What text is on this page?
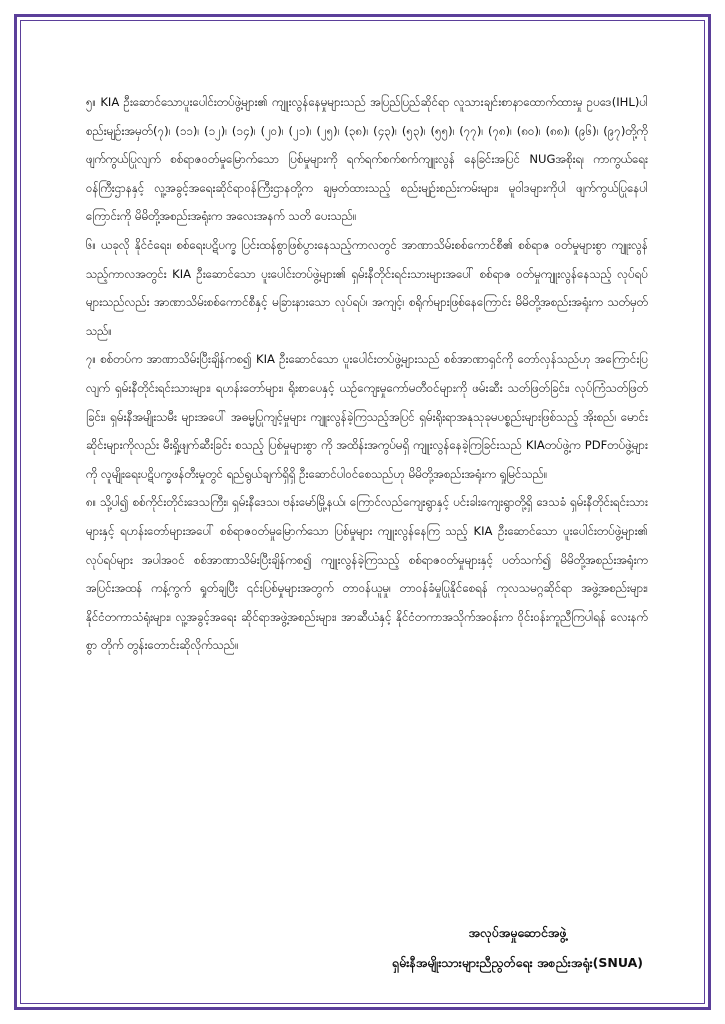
၅။ KIA ဦးဆောင်သောပူးပေါင်းတပ်ဖွဲ့များ၏ ကျူးလွန်နေမှုများသည် အပြည်ပြည်ဆိုင်ရာ လူသားချင်းစာနာထောက်ထားမှု ဥပဒေ(IHL)ပါ စည်းမျဉ်းအမှတ်(၇)၊ (၁၁)၊ (၁၂)၊ (၁၄)၊ (၂၀)၊ (၂၁)၊ (၂၅)၊ (၃၈)၊ (၄၃)၊ (၅၃)၊ (၅၅)၊ (၇၇)၊ (၇၈)၊ (၈၀)၊ (၈၈)၊ (၉၆)၊ (၉၇)တို့ကို ဖျက်ကွယ်ပြုလျက် စစ်ရာဇဝတ်မှုမြောက်သော ပြစ်မှုများကို ရက်ရက်စက်စက်ကျူးလွန် နေခြင်းအပြင် NUGအစိုးရ၊ ကာကွယ်ရေးဝန်ကြီးဌာနနှင့် လူ့အခွင့်အရေးဆိုင်ရာဝန်ကြီးဌာနတို့က ချမှတ်ထားသည့် စည်းမျဉ်းစည်းကမ်းများ၊ မူဝါဒများကိုပါ ဖျက်ကွယ်ပြုနေပါကြောင်းကို မိမိတို့အစည်းအရုံးက အလေးအနက် သတိ ပေးသည်။

၆။ ယခုလို နိုင်ငံရေး၊ စစ်ရေးပဋိပက္ခ ပြင်းထန်စွာဖြစ်ပွားနေသည့်ကာလတွင် အာဏာသိမ်းစစ်ကောင်စီ၏ စစ်ရာဇ ဝတ်မှုများစွာ ကျူးလွန်သည့်ကာလအတွင်း KIA ဦးဆောင်သော ပူးပေါင်းတပ်ဖွဲ့များ၏ ရှမ်းနီတိုင်းရင်းသားများအပေါ် စစ်ရာဇ ဝတ်မှုကျူးလွန်နေသည့် လုပ်ရပ်များသည်လည်း အာဏာသိမ်းစစ်ကောင်စီနှင့် မခြားနားသော လုပ်ရပ်၊ အကျင့်၊ စရိုက်များဖြစ်နေကြောင်း မိမိတို့အစည်းအရုံးက သတ်မှတ်သည်။

၇။ စစ်တပ်က အာဏာသိမ်းပြီးချိန်ကစ၍ KIA ဦးဆောင်သော ပူးပေါင်းတပ်ဖွဲ့များသည် စစ်အာဏာရှင်ကို တော်လှန်သည်ဟု အကြောင်းပြလျက် ရှမ်းနီတိုင်းရင်းသားများ၊ ရဟန်းတော်များ၊ ရိုးစာပေနှင့် ယဉ်ကျေးမှုကော်မတီဝင်များကို ဖမ်းဆီး သတ်ဖြတ်ခြင်း၊ လုပ်ကြံသတ်ဖြတ်ခြင်း၊ ရှမ်းနီအမျိုးသမီး များအပေါ် အဓမ္မပြုကျင့်မှုများ ကျူးလွန်ခဲ့ကြသည့်အပြင် ရှမ်းရိုးရာအနုသုခုမပစ္စည်းများဖြစ်သည့် အိုးစည်၊ မောင်းဆိုင်းများကိုလည်း မီးရှို့ဖျက်ဆီးခြင်း စသည့် ပြစ်မှုများစွာ ကို အထိန်းအကွပ်မရှိ ကျူးလွန်နေခဲ့ကြခြင်းသည် KIAတပ်ဖွဲ့က PDFတပ်ဖွဲ့များကို လူမျိုးရေးပဋိပက္ခဖန်တီးမှုတွင် ရည်ရွယ်ချက်ရှိရှိ ဦးဆောင်ပါဝင်စေသည်ဟု မိမိတို့အစည်းအရုံးက ရှုမြင်သည်။

၈။ သို့ပါ၍ စစ်ကိုင်းတိုင်းဒေသကြီး၊ ရှမ်းနီဒေသ၊ ဗန်းမော်မြို့နယ်၊ ကြောင်လည်ကျေးရွာနှင့် ပင်းခါးကျေးရွာတို့ရှိ ဒေသခံ ရှမ်းနီတိုင်းရင်းသားများနှင့် ရဟန်းတော်များအပေါ် စစ်ရာဇဝတ်မှုမြောက်သော ပြစ်မှုများ ကျူးလွန်နေကြ သည့် KIA ဦးဆောင်သော ပူးပေါင်းတပ်ဖွဲ့များ၏ လုပ်ရပ်များ အပါအဝင် စစ်အာဏာသိမ်းပြီးချိန်ကစ၍ ကျူးလွန်ခဲ့ကြသည့် စစ်ရာဇဝတ်မှုများနှင့် ပတ်သက်၍ မိမိတို့အစည်းအရုံးက အပြင်းအထန် ကန့်ကွက် ရှုတ်ချပြီး ၎င်းပြစ်မှုများအတွက် တာဝန်ယူမှု၊ တာဝန်ခံမှုပြုနိုင်စေရန် ကုလသမဂ္ဂဆိုင်ရာ အဖွဲ့အစည်းများ၊ နိုင်ငံတကာသံရုံးများ၊ လူ့အခွင့်အရေး ဆိုင်ရာအဖွဲ့အစည်းများ၊ အာဆီယံနှင့် နိုင်ငံတကာအသိုက်အဝန်းက ဝိုင်းဝန်းကူညီကြပါရန် လေးနက်စွာ တိုက် တွန်းတောင်းဆိုလိုက်သည်။

အလုပ်အမှုဆောင်အဖွဲ့
ရှမ်းနီအမျိုးသားများညီညွတ်ရေး အစည်းအရုံး(SNUA)
